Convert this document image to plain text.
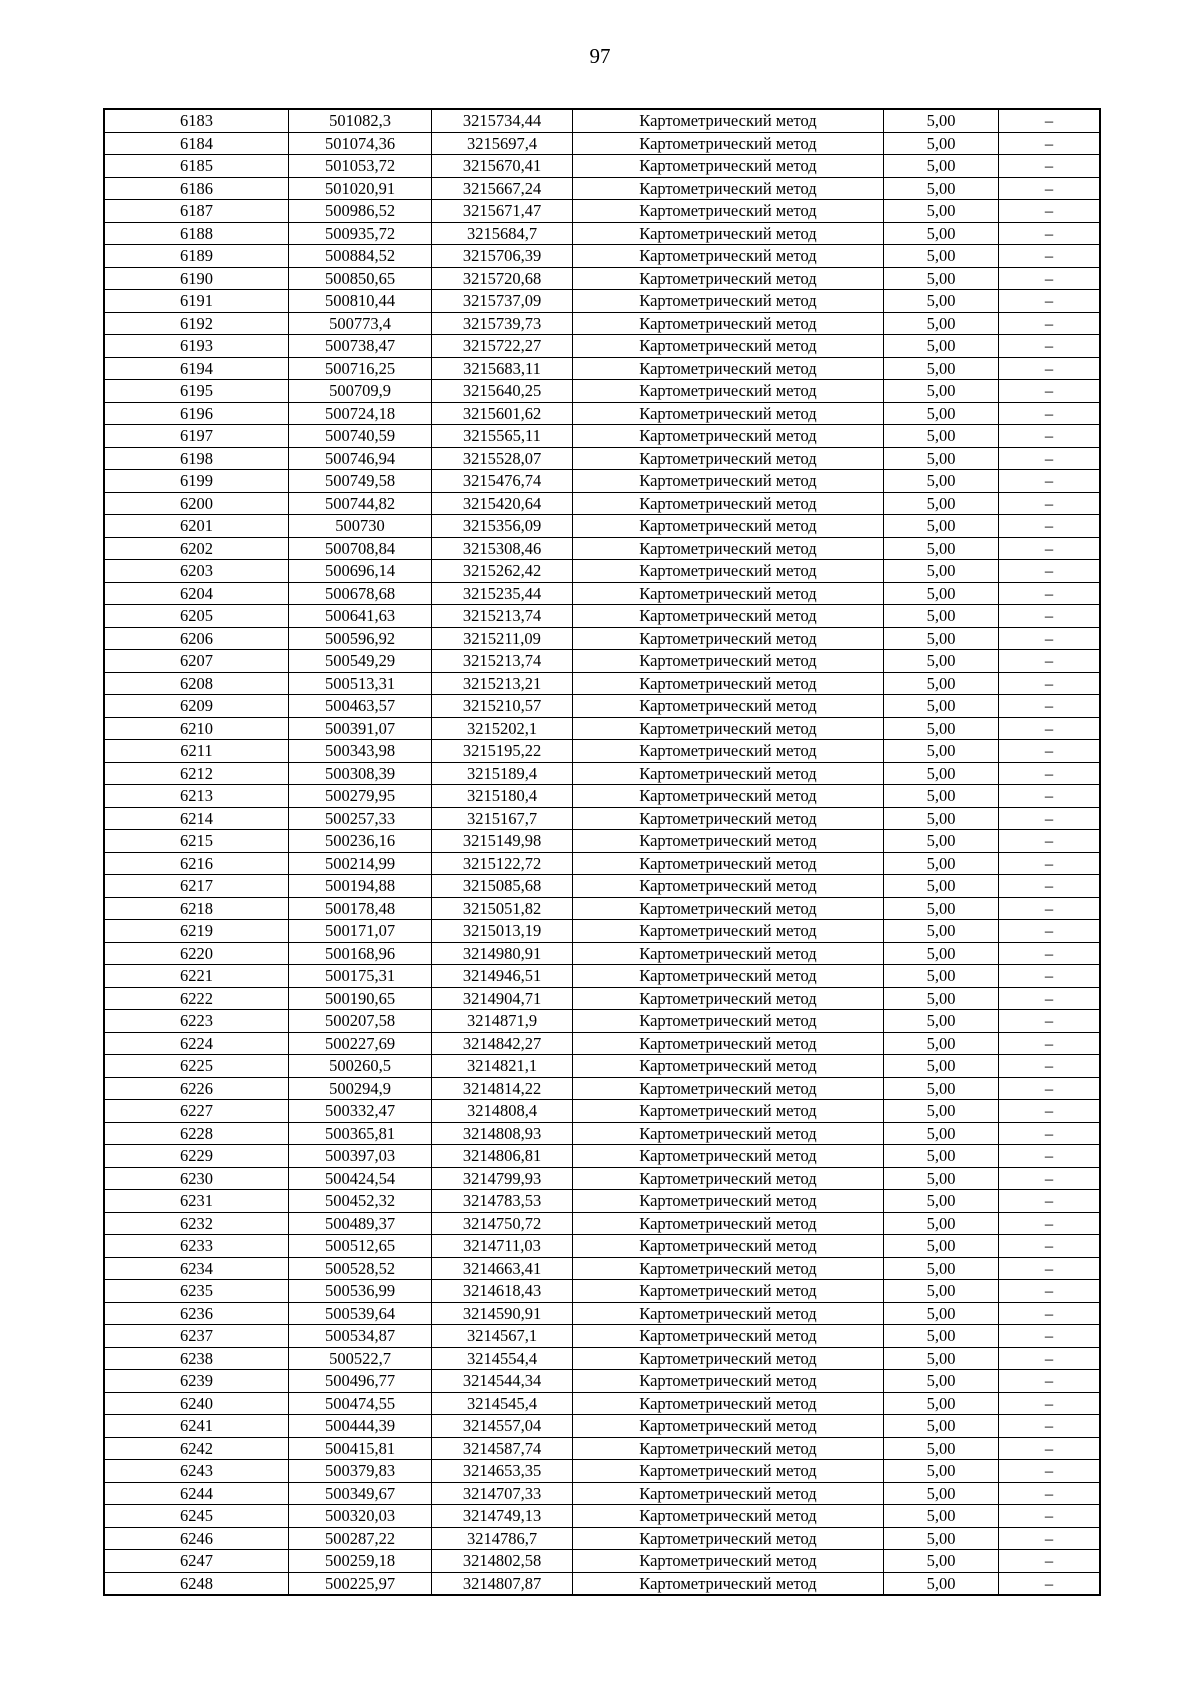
97
6183	501082,3	3215734,44	Картометрический метод	5,00	–
6184	501074,36	3215697,4	Картометрический метод	5,00	–
6185	501053,72	3215670,41	Картометрический метод	5,00	–
6186	501020,91	3215667,24	Картометрический метод	5,00	–
6187	500986,52	3215671,47	Картометрический метод	5,00	–
6188	500935,72	3215684,7	Картометрический метод	5,00	–
6189	500884,52	3215706,39	Картометрический метод	5,00	–
6190	500850,65	3215720,68	Картометрический метод	5,00	–
6191	500810,44	3215737,09	Картометрический метод	5,00	–
6192	500773,4	3215739,73	Картометрический метод	5,00	–
6193	500738,47	3215722,27	Картометрический метод	5,00	–
6194	500716,25	3215683,11	Картометрический метод	5,00	–
6195	500709,9	3215640,25	Картометрический метод	5,00	–
6196	500724,18	3215601,62	Картометрический метод	5,00	–
6197	500740,59	3215565,11	Картометрический метод	5,00	–
6198	500746,94	3215528,07	Картометрический метод	5,00	–
6199	500749,58	3215476,74	Картометрический метод	5,00	–
6200	500744,82	3215420,64	Картометрический метод	5,00	–
6201	500730	3215356,09	Картометрический метод	5,00	–
6202	500708,84	3215308,46	Картометрический метод	5,00	–
6203	500696,14	3215262,42	Картометрический метод	5,00	–
6204	500678,68	3215235,44	Картометрический метод	5,00	–
6205	500641,63	3215213,74	Картометрический метод	5,00	–
6206	500596,92	3215211,09	Картометрический метод	5,00	–
6207	500549,29	3215213,74	Картометрический метод	5,00	–
6208	500513,31	3215213,21	Картометрический метод	5,00	–
6209	500463,57	3215210,57	Картометрический метод	5,00	–
6210	500391,07	3215202,1	Картометрический метод	5,00	–
6211	500343,98	3215195,22	Картометрический метод	5,00	–
6212	500308,39	3215189,4	Картометрический метод	5,00	–
6213	500279,95	3215180,4	Картометрический метод	5,00	–
6214	500257,33	3215167,7	Картометрический метод	5,00	–
6215	500236,16	3215149,98	Картометрический метод	5,00	–
6216	500214,99	3215122,72	Картометрический метод	5,00	–
6217	500194,88	3215085,68	Картометрический метод	5,00	–
6218	500178,48	3215051,82	Картометрический метод	5,00	–
6219	500171,07	3215013,19	Картометрический метод	5,00	–
6220	500168,96	3214980,91	Картометрический метод	5,00	–
6221	500175,31	3214946,51	Картометрический метод	5,00	–
6222	500190,65	3214904,71	Картометрический метод	5,00	–
6223	500207,58	3214871,9	Картометрический метод	5,00	–
6224	500227,69	3214842,27	Картометрический метод	5,00	–
6225	500260,5	3214821,1	Картометрический метод	5,00	–
6226	500294,9	3214814,22	Картометрический метод	5,00	–
6227	500332,47	3214808,4	Картометрический метод	5,00	–
6228	500365,81	3214808,93	Картометрический метод	5,00	–
6229	500397,03	3214806,81	Картометрический метод	5,00	–
6230	500424,54	3214799,93	Картометрический метод	5,00	–
6231	500452,32	3214783,53	Картометрический метод	5,00	–
6232	500489,37	3214750,72	Картометрический метод	5,00	–
6233	500512,65	3214711,03	Картометрический метод	5,00	–
6234	500528,52	3214663,41	Картометрический метод	5,00	–
6235	500536,99	3214618,43	Картометрический метод	5,00	–
6236	500539,64	3214590,91	Картометрический метод	5,00	–
6237	500534,87	3214567,1	Картометрический метод	5,00	–
6238	500522,7	3214554,4	Картометрический метод	5,00	–
6239	500496,77	3214544,34	Картометрический метод	5,00	–
6240	500474,55	3214545,4	Картометрический метод	5,00	–
6241	500444,39	3214557,04	Картометрический метод	5,00	–
6242	500415,81	3214587,74	Картометрический метод	5,00	–
6243	500379,83	3214653,35	Картометрический метод	5,00	–
6244	500349,67	3214707,33	Картометрический метод	5,00	–
6245	500320,03	3214749,13	Картометрический метод	5,00	–
6246	500287,22	3214786,7	Картометрический метод	5,00	–
6247	500259,18	3214802,58	Картометрический метод	5,00	–
6248	500225,97	3214807,87	Картометрический метод	5,00	–
